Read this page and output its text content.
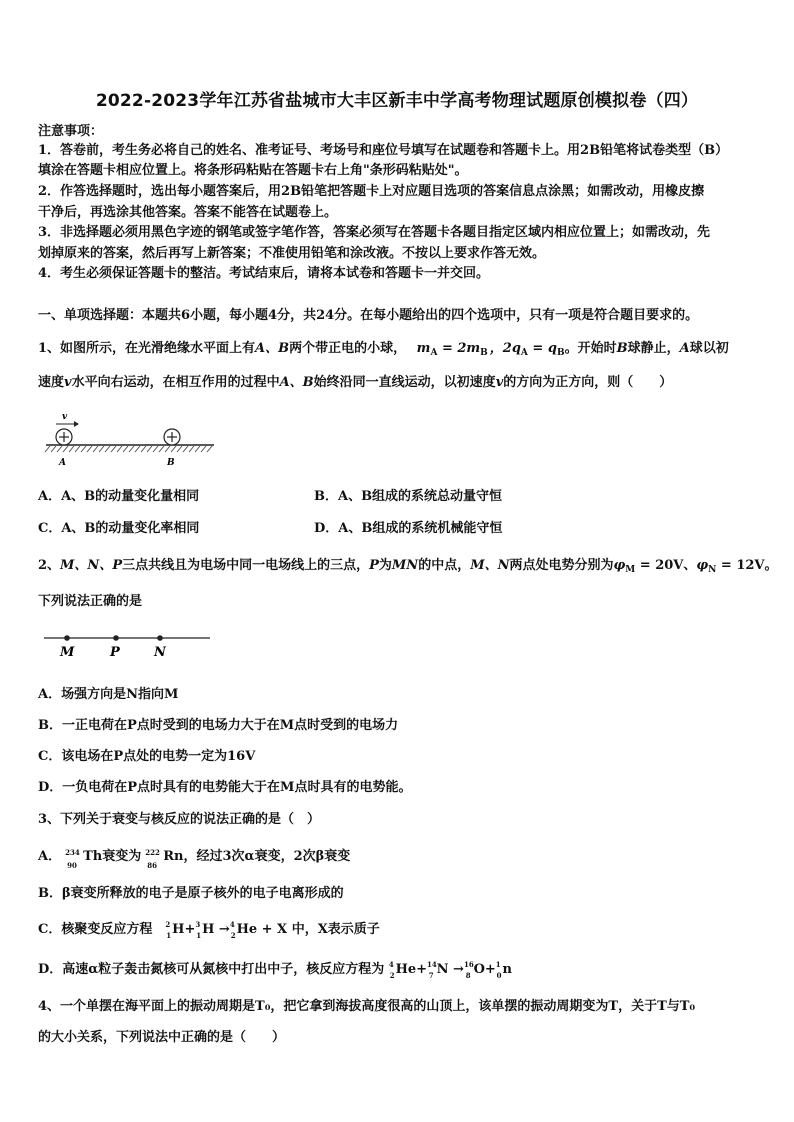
2022-2023学年江苏省盐城市大丰区新丰中学高考物理试题原创模拟卷（四）
注意事项：
1．答卷前，考生务必将自己的姓名、准考证号、考场号和座位号填写在试题卷和答题卡上。用2B铅笔将试卷类型（B）
填涂在答题卡相应位置上。将条形码粘贴在答题卡右上角"条形码粘贴处"。
2．作答选择题时，选出每小题答案后，用2B铅笔把答题卡上对应题目选项的答案信息点涂黑；如需改动，用橡皮擦
干净后，再选涂其他答案。答案不能答在试题卷上。
3．非选择题必须用黑色字迹的钢笔或签字笔作答，答案必须写在答题卡各题目指定区域内相应位置上；如需改动，先
划掉原来的答案，然后再写上新答案；不准使用铅笔和涂改液。不按以上要求作答无效。
4．考生必须保证答题卡的整洁。考试结束后，请将本试卷和答题卡一并交回。
一、单项选择题：本题共6小题，每小题4分，共24分。在每小题给出的四个选项中，只有一项是符合题目要求的。
1、如图所示，在光滑绝缘水平面上有A、B两个带正电的小球， $m_A = 2m_B$ ，$2q_A = q_B$。开始时B球静止，A球以初
速度v水平向右运动，在相互作用的过程中A、B始终沿同一直线运动，以初速度v的方向为正方向，则（　　）
v
A	B
A．A、B的动量变化量相同	B．A、B组成的系统总动量守恒
C．A、B的动量变化率相同	D．A、B组成的系统机械能守恒
2、M、N、P三点共线且为电场中同一电场线上的三点，P为MN的中点，M、N两点处电势分别为$\varphi_M = 20V$、$\varphi_N = 12V$。
下列说法正确的是
M	P	N
A．场强方向是N指向M
B．一正电荷在P点时受到的电场力大于在M点时受到的电场力
C．该电场在P点处的电势一定为16V
D．一负电荷在P点时具有的电势能大于在M点时具有的电势能。
3、下列关于衰变与核反应的说法正确的是（　）
A． 234
90
Th衰变为 222
86
Rn，经过3次α衰变，2次β衰变
B．β衰变所释放的电子是原子核外的电子电离形成的
C．核聚变反应方程 $^2_1$H+$^3_1$H →$^4_2$He + X 中，X表示质子
D．高速α粒子轰击氮核可从氮核中打出中子，核反应方程为 $^4_2$He+$^{14}_7$ N →$^{16}_8$ O+$^1_0$n
4、一个单摆在海平面上的振动周期是T₀，把它拿到海拔高度很高的山顶上，该单摆的振动周期变为T，关于T与T₀
的大小关系，下列说法中正确的是（　　）
